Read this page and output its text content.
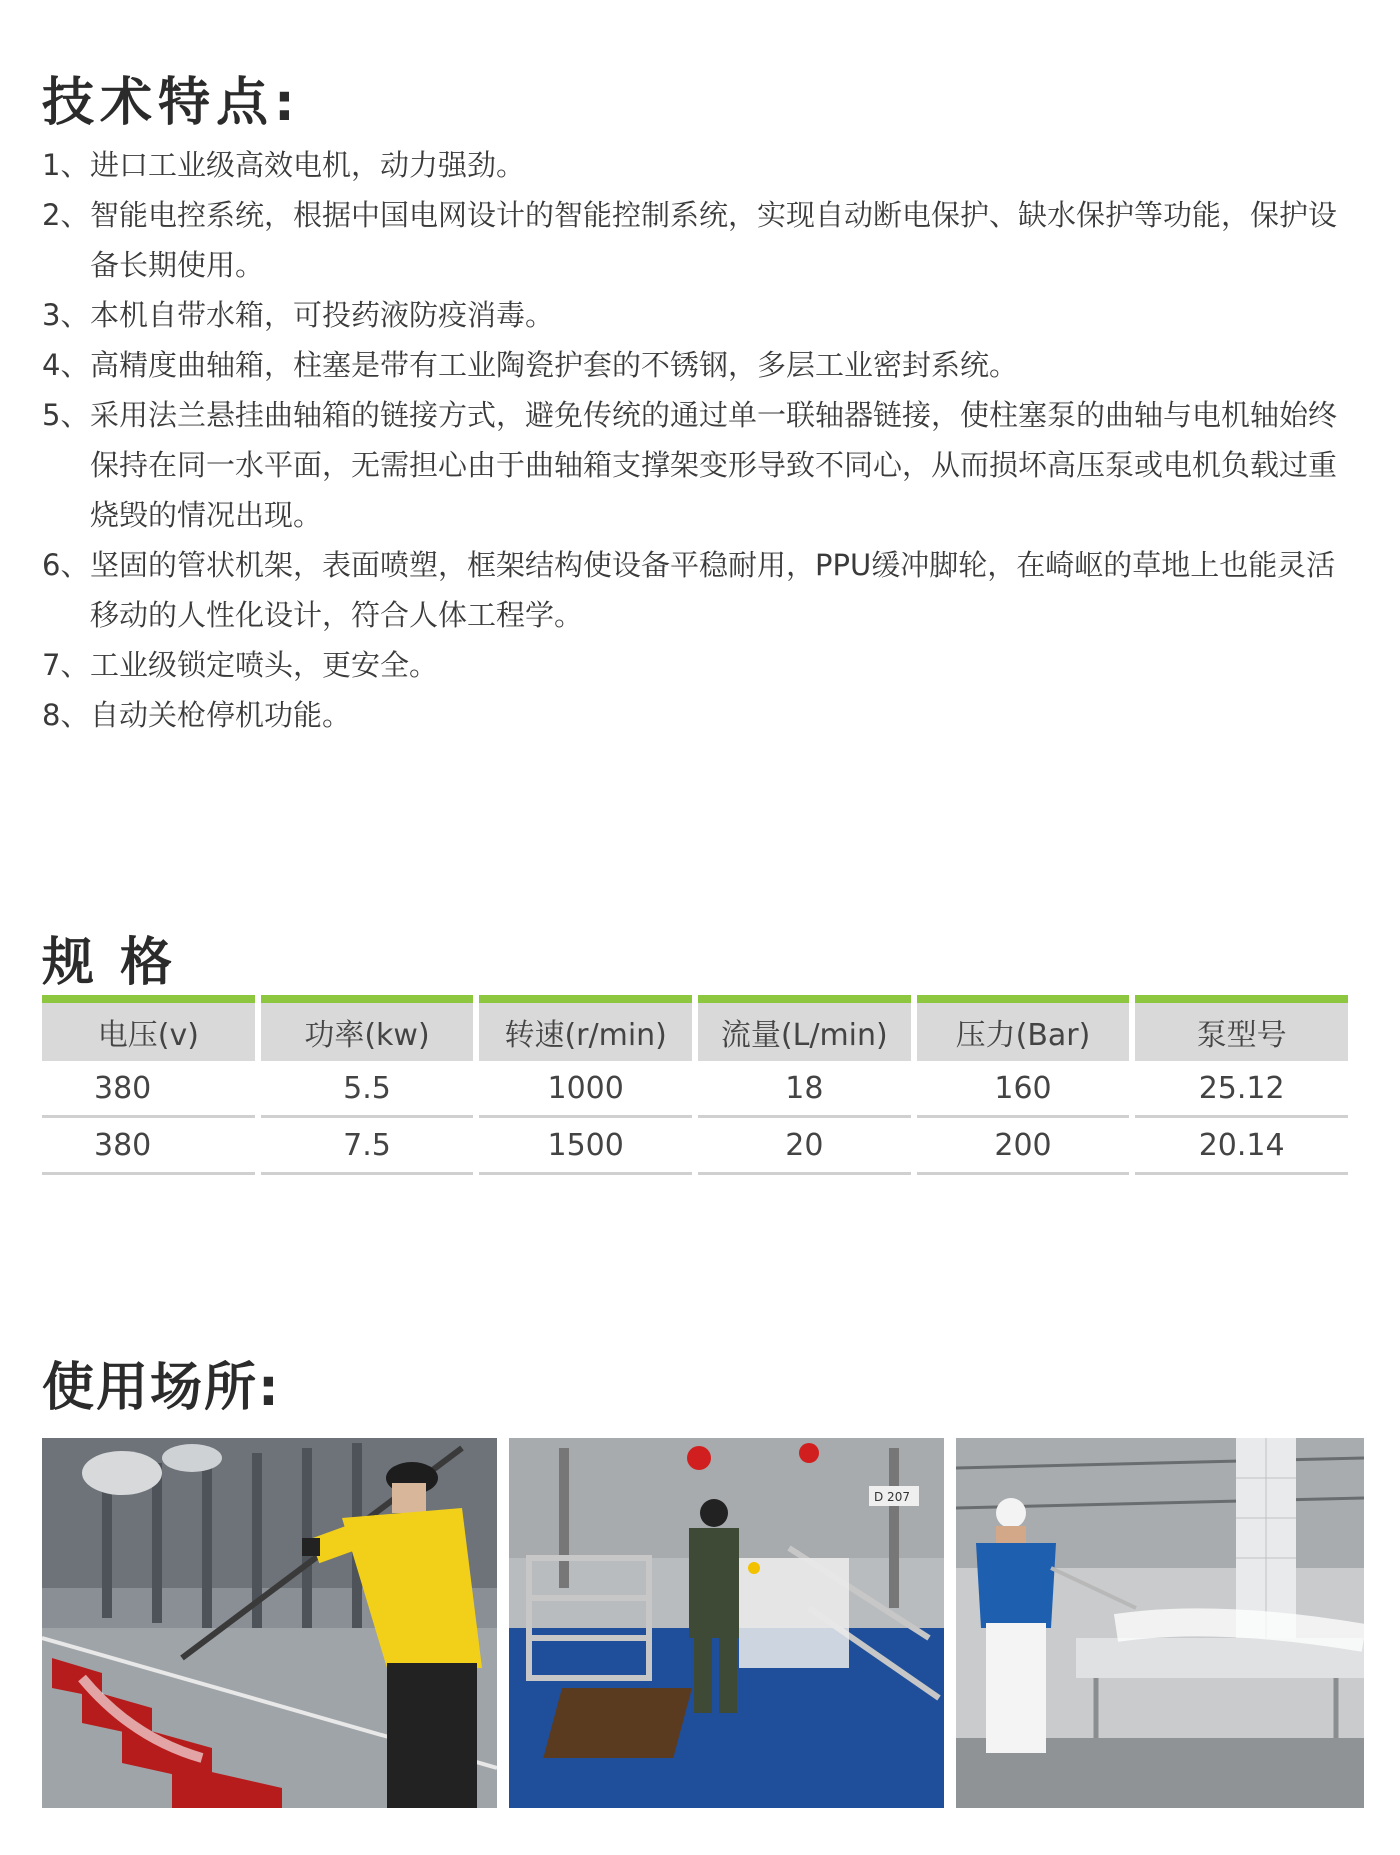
技术特点:
1、 进口工业级高效电机，动力强劲。
2、 智能电控系统，根据中国电网设计的智能控制系统，实现自动断电保护、缺水保护等功能，保护设备长期使用。
3、 本机自带水箱，可投药液防疫消毒。
4、 高精度曲轴箱，柱塞是带有工业陶瓷护套的不锈钢，多层工业密封系统。
5、 采用法兰悬挂曲轴箱的链接方式，避免传统的通过单一联轴器链接，使柱塞泵的曲轴与电机轴始终保持在同一水平面，无需担心由于曲轴箱支撑架变形导致不同心，从而损坏高压泵或电机负载过重烧毁的情况出现。
6、 坚固的管状机架，表面喷塑，框架结构使设备平稳耐用，PPU缓冲脚轮，在崎岖的草地上也能灵活移动的人性化设计，符合人体工程学。
7、 工业级锁定喷头，更安全。
8、 自动关枪停机功能。
规格
电压(v)	功率(kw)	转速(r/min)	流量(L/min)	压力(Bar)	泵型号
380	5.5	1000	18	160	25.12
380	7.5	1500	20	200	20.14
使用场所:
D 207
